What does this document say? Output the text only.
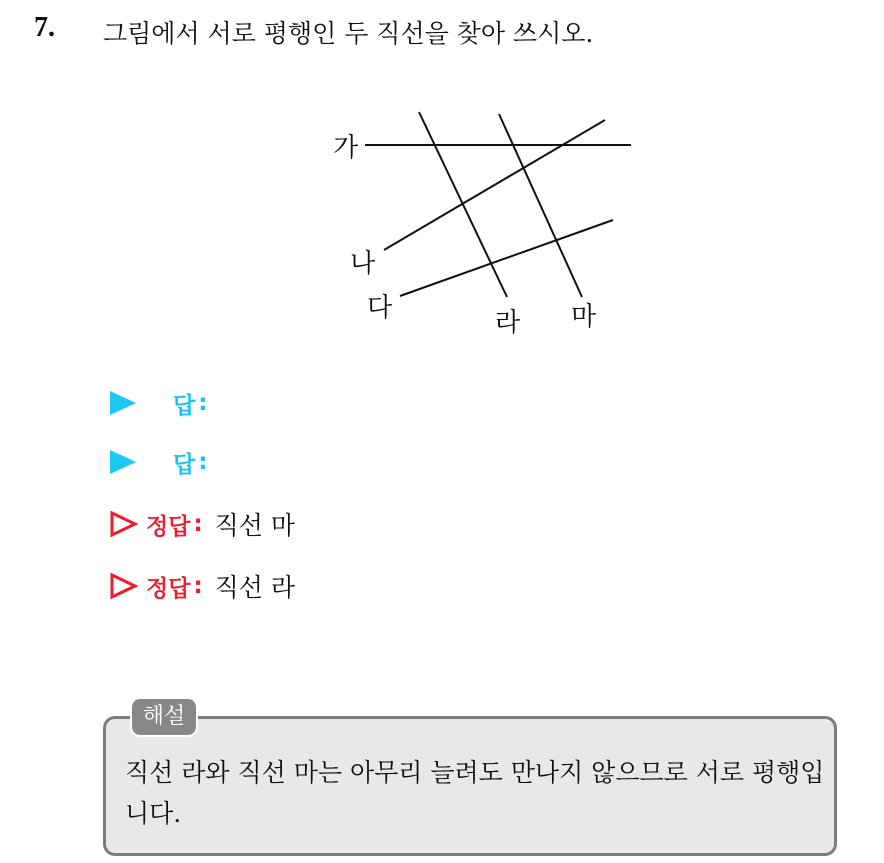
7. 그림에서 서로 평행인 두 직선을 찾아 쓰시오.
가
나
다	라 마
답 :
답 :
정답 : 직선 마
정답 : 직선 라
해설
직선 라와 직선 마는 아무리 늘려도 만나지 않으므로 서로 평행입니다.
